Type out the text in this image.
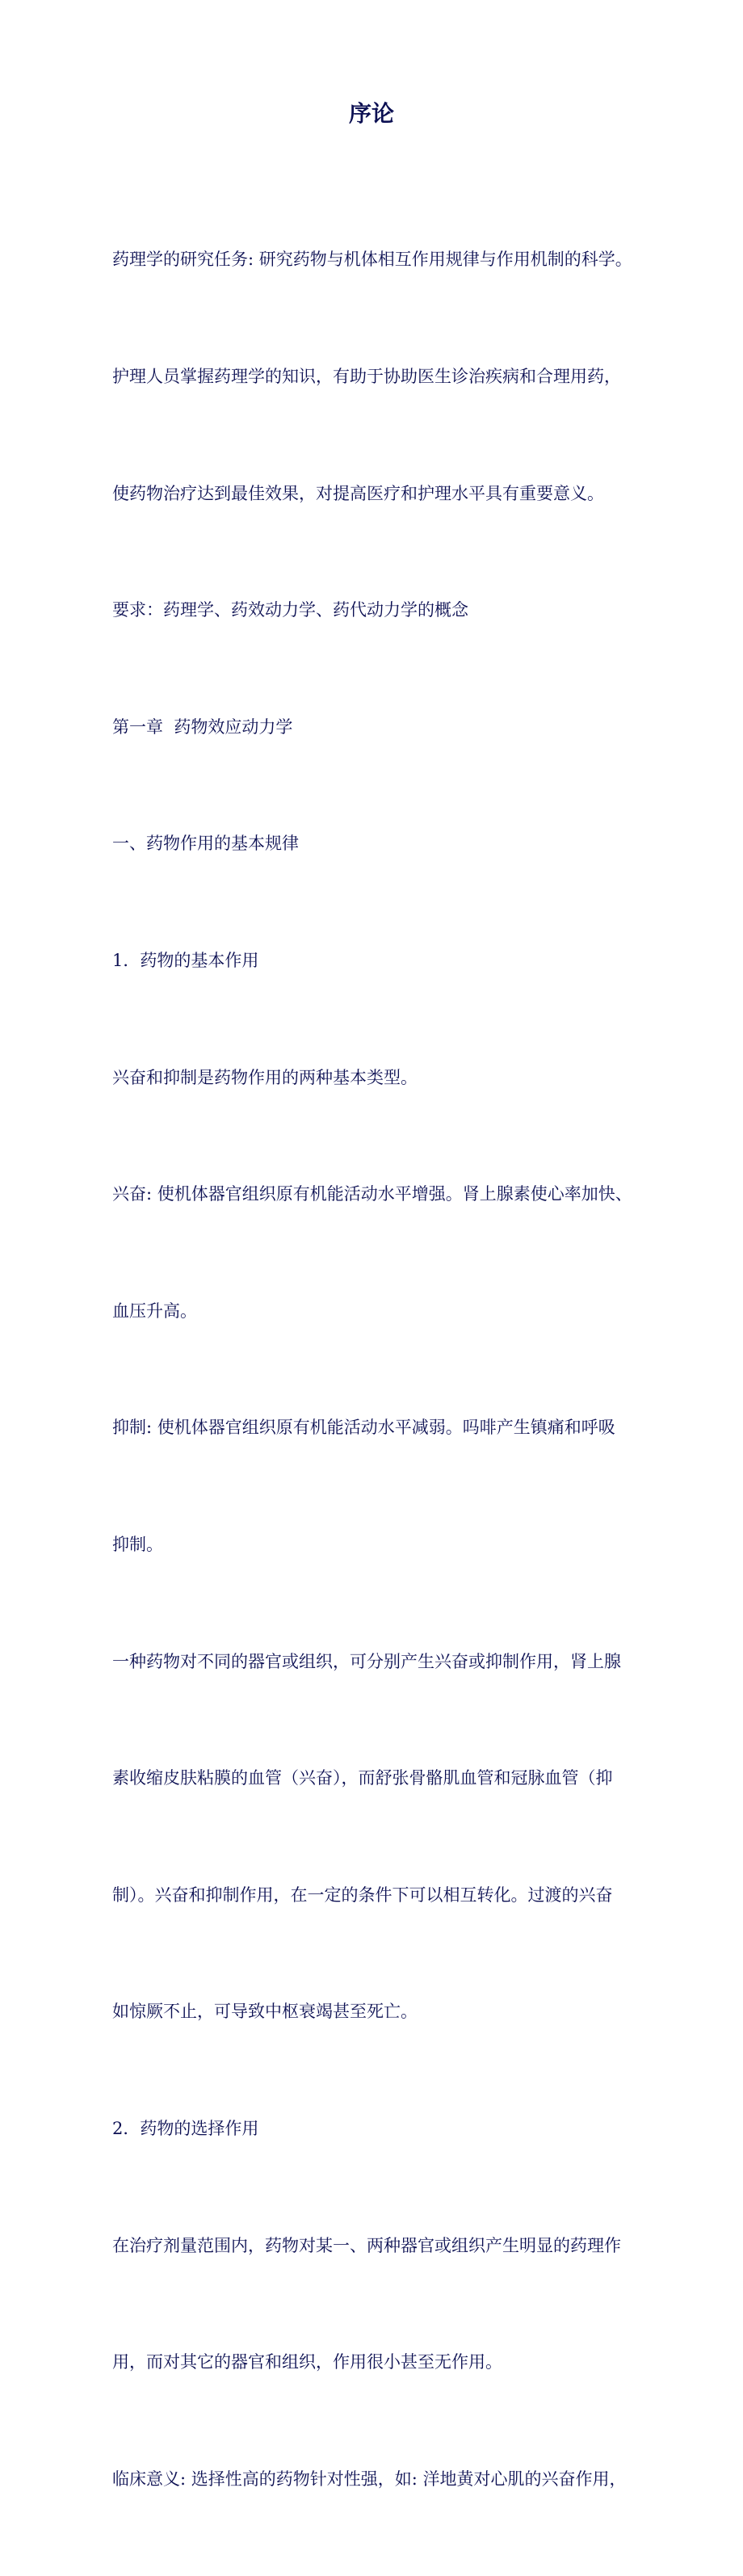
序论

药理学的研究任务: 研究药物与机体相互作用规律与作用机制的科学。

护理人员掌握药理学的知识，有助于协助医生诊治疾病和合理用药，

使药物治疗达到最佳效果，对提高医疗和护理水平具有重要意义。

要求：药理学、药效动力学、药代动力学的概念

第一章  药物效应动力学

一、药物作用的基本规律

1．药物的基本作用

兴奋和抑制是药物作用的两种基本类型。

兴奋: 使机体器官组织原有机能活动水平增强。肾上腺素使心率加快、

血压升高。

抑制: 使机体器官组织原有机能活动水平减弱。吗啡产生镇痛和呼吸

抑制。

一种药物对不同的器官或组织，可分别产生兴奋或抑制作用，肾上腺

素收缩皮肤粘膜的血管（兴奋），而舒张骨骼肌血管和冠脉血管（抑

制）。兴奋和抑制作用，在一定的条件下可以相互转化。过渡的兴奋

如惊厥不止，可导致中枢衰竭甚至死亡。

2．药物的选择作用

在治疗剂量范围内，药物对某一、两种器官或组织产生明显的药理作

用，而对其它的器官和组织，作用很小甚至无作用。

临床意义: 选择性高的药物针对性强，如: 洋地黄对心肌的兴奋作用，
